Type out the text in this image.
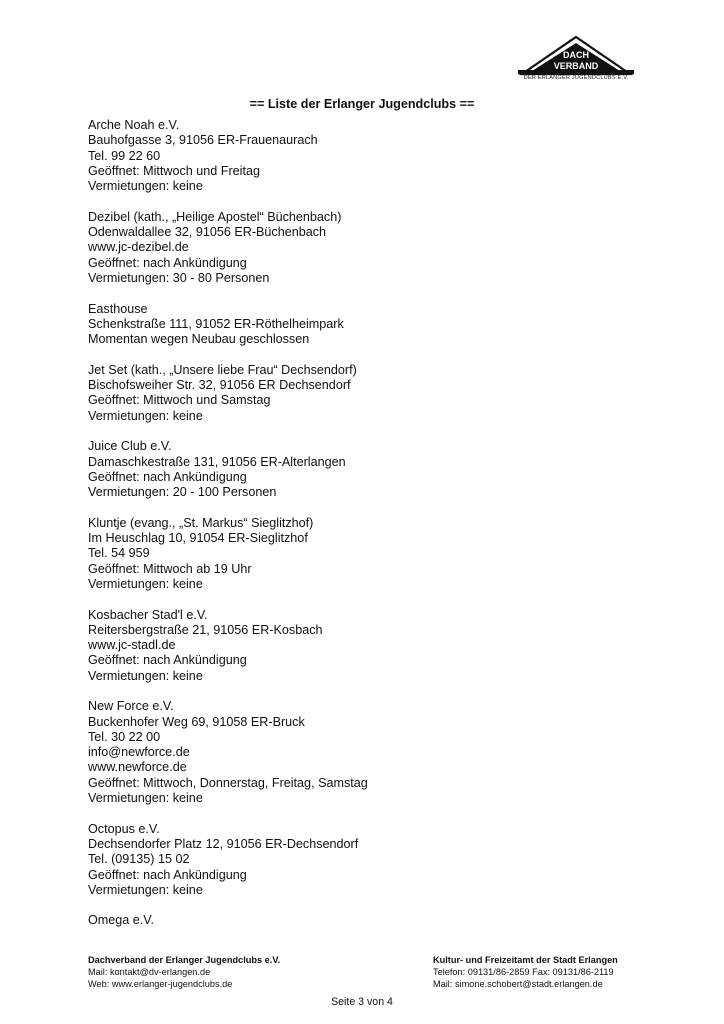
DACH
VERBAND
DER ERLANGER JUGENDCLUBS E.V.
== Liste der Erlanger Jugendclubs ==
Arche Noah e.V.
Bauhofgasse 3, 91056 ER-Frauenaurach
Tel. 99 22 60
Geöffnet: Mittwoch und Freitag
Vermietungen: keine
Dezibel (kath., „Heilige Apostel“ Büchenbach)
Odenwaldallee 32, 91056 ER-Büchenbach
www.jc-dezibel.de
Geöffnet: nach Ankündigung
Vermietungen: 30 - 80 Personen
Easthouse
Schenkstraße 111, 91052 ER-Röthelheimpark
Momentan wegen Neubau geschlossen
Jet Set (kath., „Unsere liebe Frau“ Dechsendorf)
Bischofsweiher Str. 32, 91056 ER Dechsendorf
Geöffnet: Mittwoch und Samstag
Vermietungen: keine
Juice Club e.V.
Damaschkestraße 131, 91056 ER-Alterlangen
Geöffnet: nach Ankündigung
Vermietungen: 20 - 100 Personen
Kluntje (evang., „St. Markus“ Sieglitzhof)
Im Heuschlag 10, 91054 ER-Sieglitzhof
Tel. 54 959
Geöffnet: Mittwoch ab 19 Uhr
Vermietungen: keine
Kosbacher Stad'l e.V.
Reitersbergstraße 21, 91056 ER-Kosbach
www.jc-stadl.de
Geöffnet: nach Ankündigung
Vermietungen: keine
New Force e.V.
Buckenhofer Weg 69, 91058 ER-Bruck
Tel. 30 22 00
info@newforce.de
www.newforce.de
Geöffnet: Mittwoch, Donnerstag, Freitag, Samstag
Vermietungen: keine
Octopus e.V.
Dechsendorfer Platz 12, 91056 ER-Dechsendorf
Tel. (09135) 15 02
Geöffnet: nach Ankündigung
Vermietungen: keine
Omega e.V.
Dachverband der Erlanger Jugendclubs e.V.
Mail: kontakt@dv-erlangen.de
Web: www.erlanger-jugendclubs.de
Kultur- und Freizeitamt der Stadt Erlangen
Telefon: 09131/86-2859 Fax: 09131/86-2119
Mail: simone.schobert@stadt.erlangen.de
Seite 3 von 4
